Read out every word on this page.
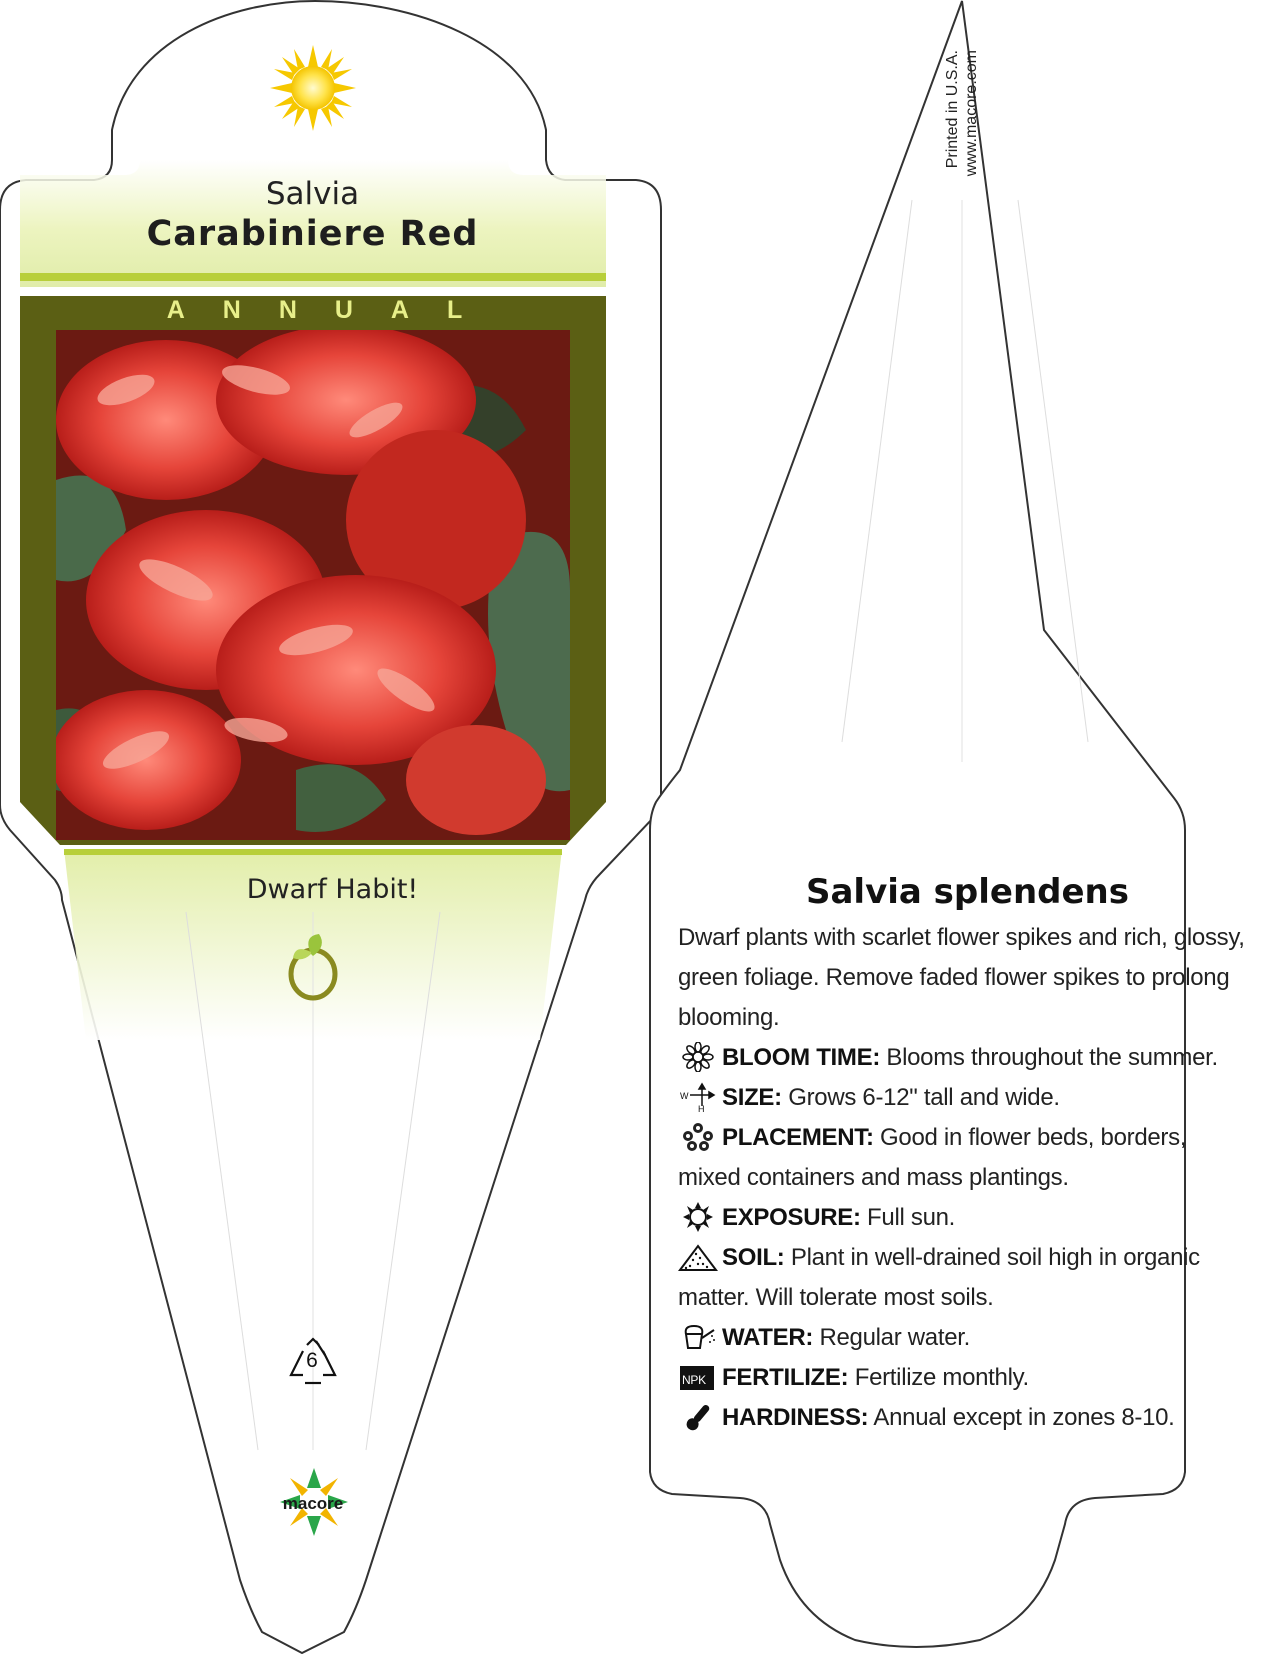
Salvia
Carabiniere Red
ANNUAL
Dwarf Habit!
6
macore
Printed in U.S.A. www.macore.com
Salvia splendens
Dwarf plants with scarlet flower spikes and rich, glossy, green foliage. Remove faded flower spikes to prolong blooming.
BLOOM TIME: Blooms throughout the summer.
W
H SIZE: Grows 6-12" tall and wide.
PLACEMENT: Good in flower beds, borders, mixed containers and mass plantings.
EXPOSURE: Full sun.
SOIL: Plant in well-drained soil high in organic matter. Will tolerate most soils.
WATER: Regular water.
NPK FERTILIZE: Fertilize monthly.
HARDINESS: Annual except in zones 8-10.
